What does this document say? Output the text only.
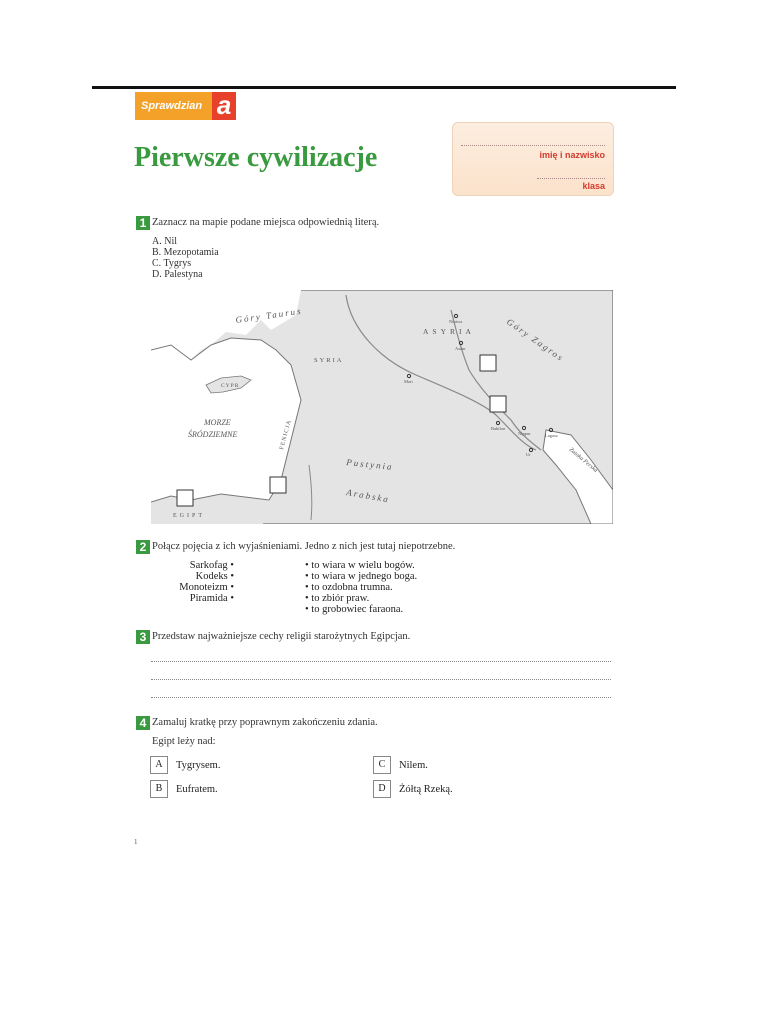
Sprawdzian a
Pierwsze cywilizacje	imię i nazwisko
klasa
1 Zaznacz na mapie podane miejsca odpowiednią literą.
A. Nil
B. Mezopotamia
C. Tygrys
D. Palestyna
Góry Taurus
Góry Zagros
ASYRIA
SYRIA
CYPR
MORZE
ŚRÓDZIEMNE	FENICJA
Pustynia
Arabska
EGIPT
Zatoka Perska
Niniwa
Aszur
Mari
Babilon
Nippur	Lagasz
Ur
2 Połącz pojęcia z ich wyjaśnieniami. Jedno z nich jest tutaj niepotrzebne.
Sarkofag •
Kodeks •
Monoteizm •
Piramida •
• to wiara w wielu bogów.
• to wiara w jednego boga.
• to ozdobna trumna.
• to zbiór praw.
• to grobowiec faraona.
3 Przedstaw najważniejsze cechy religii starożytnych Egipcjan.
4 Zamaluj kratkę przy poprawnym zakończeniu zdania.
Egipt leży nad:
A	Tygrysem.
B	Eufratem.
C	Nilem.
D	Żółtą Rzeką.
1
